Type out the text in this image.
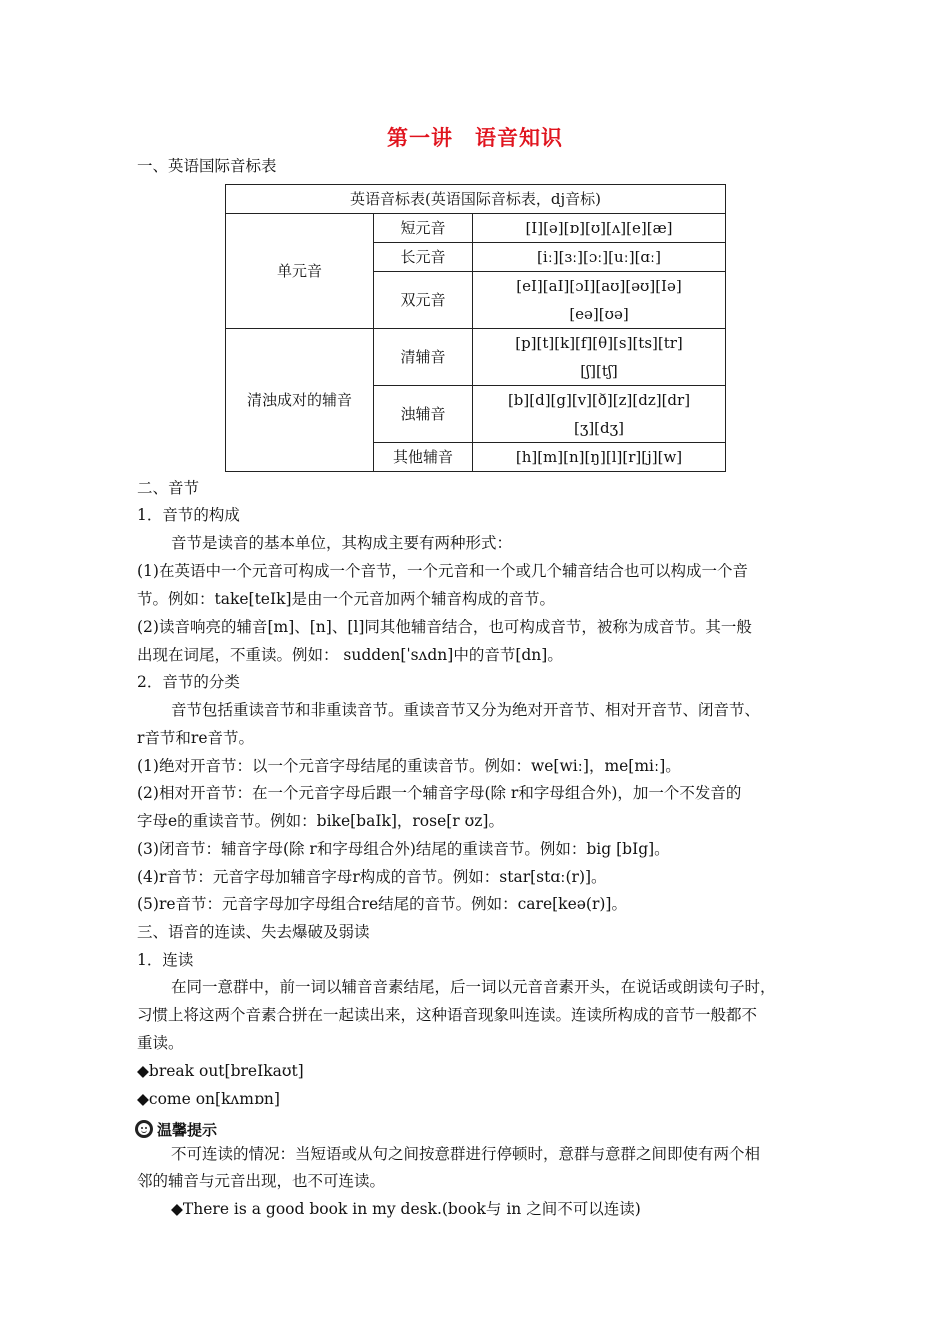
第一讲　语音知识
一、英语国际音标表
英语音标表(英语国际音标表，dj音标)		
单元音	短元音	[I][ə][ɒ][ʊ][ʌ][e][æ]
	长元音	[iː][ɜː][ɔː][uː][ɑː]
	双元音	[eI][aI][ɔI][aʊ][əʊ][Iə]
[eə][ʊə]

清浊成对的辅音	清辅音	[p][t][k][f][θ][s][ts][tr]
[ʃ][tʃ]

	浊辅音	[b][d][g][v][ð][z][dz][dr]
[ʒ][dʒ]

	其他辅音	[h][m][n][ŋ][l][r][j][w]
二、音节
1．音节的构成
音节是读音的基本单位，其构成主要有两种形式：
(1)在英语中一个元音可构成一个音节，一个元音和一个或几个辅音结合也可以构成一个音
节。例如：take[teIk]是由一个元音加两个辅音构成的音节。
(2)读音响亮的辅音[m]、[n]、[l]同其他辅音结合，也可构成音节，被称为成音节。其一般
出现在词尾，不重读。例如： sudden[ˈsʌdn]中的音节[dn]。
2．音节的分类
音节包括重读音节和非重读音节。重读音节又分为绝对开音节、相对开音节、闭音节、
r音节和re音节。
(1)绝对开音节：以一个元音字母结尾的重读音节。例如：we[wiː]，me[miː]。
(2)相对开音节：在一个元音字母后跟一个辅音字母(除 r和字母组合外)，加一个不发音的
字母e的重读音节。例如：bike[baIk]，rose[r ʊz]。
(3)闭音节：辅音字母(除 r和字母组合外)结尾的重读音节。例如：big [bIg]。
(4)r音节：元音字母加辅音字母r构成的音节。例如：star[stɑː(r)]。
(5)re音节：元音字母加字母组合re结尾的音节。例如：care[keə(r)]。
三、语音的连读、失去爆破及弱读
1．连读
在同一意群中，前一词以辅音音素结尾，后一词以元音音素开头，在说话或朗读句子时，
习惯上将这两个音素合拼在一起读出来，这种语音现象叫连读。连读所构成的音节一般都不
重读。
◆break out[breIkaʊt]
◆come on[kʌmɒn]
温馨提示
不可连读的情况：当短语或从句之间按意群进行停顿时，意群与意群之间即使有两个相
邻的辅音与元音出现，也不可连读。
◆There is a good book in my desk.(book与 in 之间不可以连读)
